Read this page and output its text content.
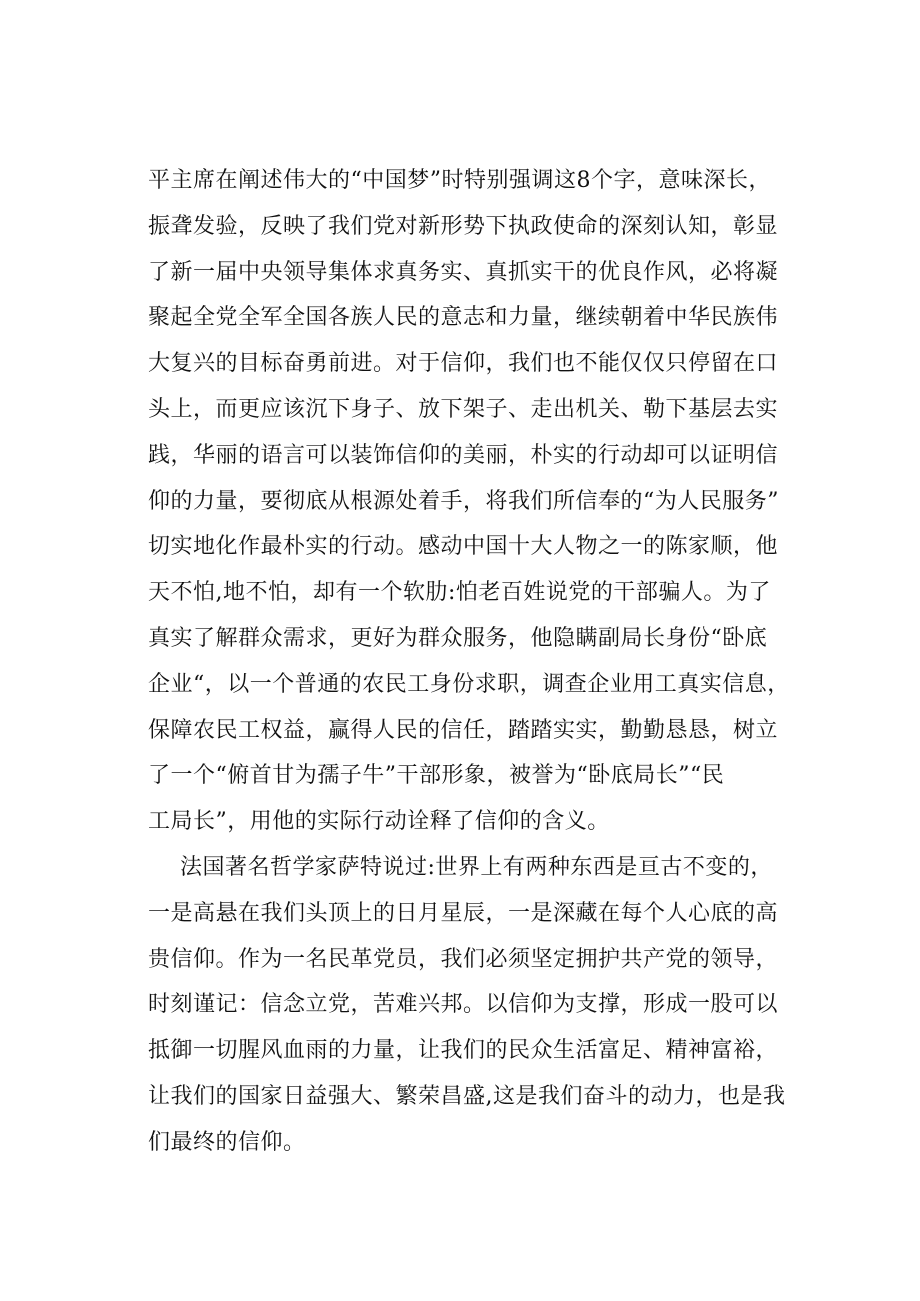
平主席在阐述伟大的“中国梦”时特别强调这8个字，意味深长，
振聋发验，反映了我们党对新形势下执政使命的深刻认知，彰显
了新一届中央领导集体求真务实、真抓实干的优良作风，必将凝
聚起全党全军全国各族人民的意志和力量，继续朝着中华民族伟
大复兴的目标奋勇前进。对于信仰，我们也不能仅仅只停留在口
头上，而更应该沉下身子、放下架子、走出机关、勒下基层去实
践，华丽的语言可以装饰信仰的美丽，朴实的行动却可以证明信
仰的力量，要彻底从根源处着手，将我们所信奉的“为人民服务”
切实地化作最朴实的行动。感动中国十大人物之一的陈家顺，他
天不怕,地不怕，却有一个软肋:怕老百姓说党的干部骗人。为了
真实了解群众需求，更好为群众服务，他隐瞒副局长身份“卧底
企业“，以一个普通的农民工身份求职，调查企业用工真实信息，
保障农民工权益，赢得人民的信任，踏踏实实，勤勤恳恳，树立
了一个“俯首甘为孺子牛”干部形象，被誉为“卧底局长”“民
工局长”，用他的实际行动诠释了信仰的含义。
法国著名哲学家萨特说过:世界上有两种东西是亘古不变的，
一是高悬在我们头顶上的日月星辰，一是深藏在每个人心底的高
贵信仰。作为一名民革党员，我们必须坚定拥护共产党的领导，
时刻谨记：信念立党，苦难兴邦。以信仰为支撑，形成一股可以
抵御一切腥风血雨的力量，让我们的民众生活富足、精神富裕，
让我们的国家日益强大、繁荣昌盛,这是我们奋斗的动力，也是我
们最终的信仰。
